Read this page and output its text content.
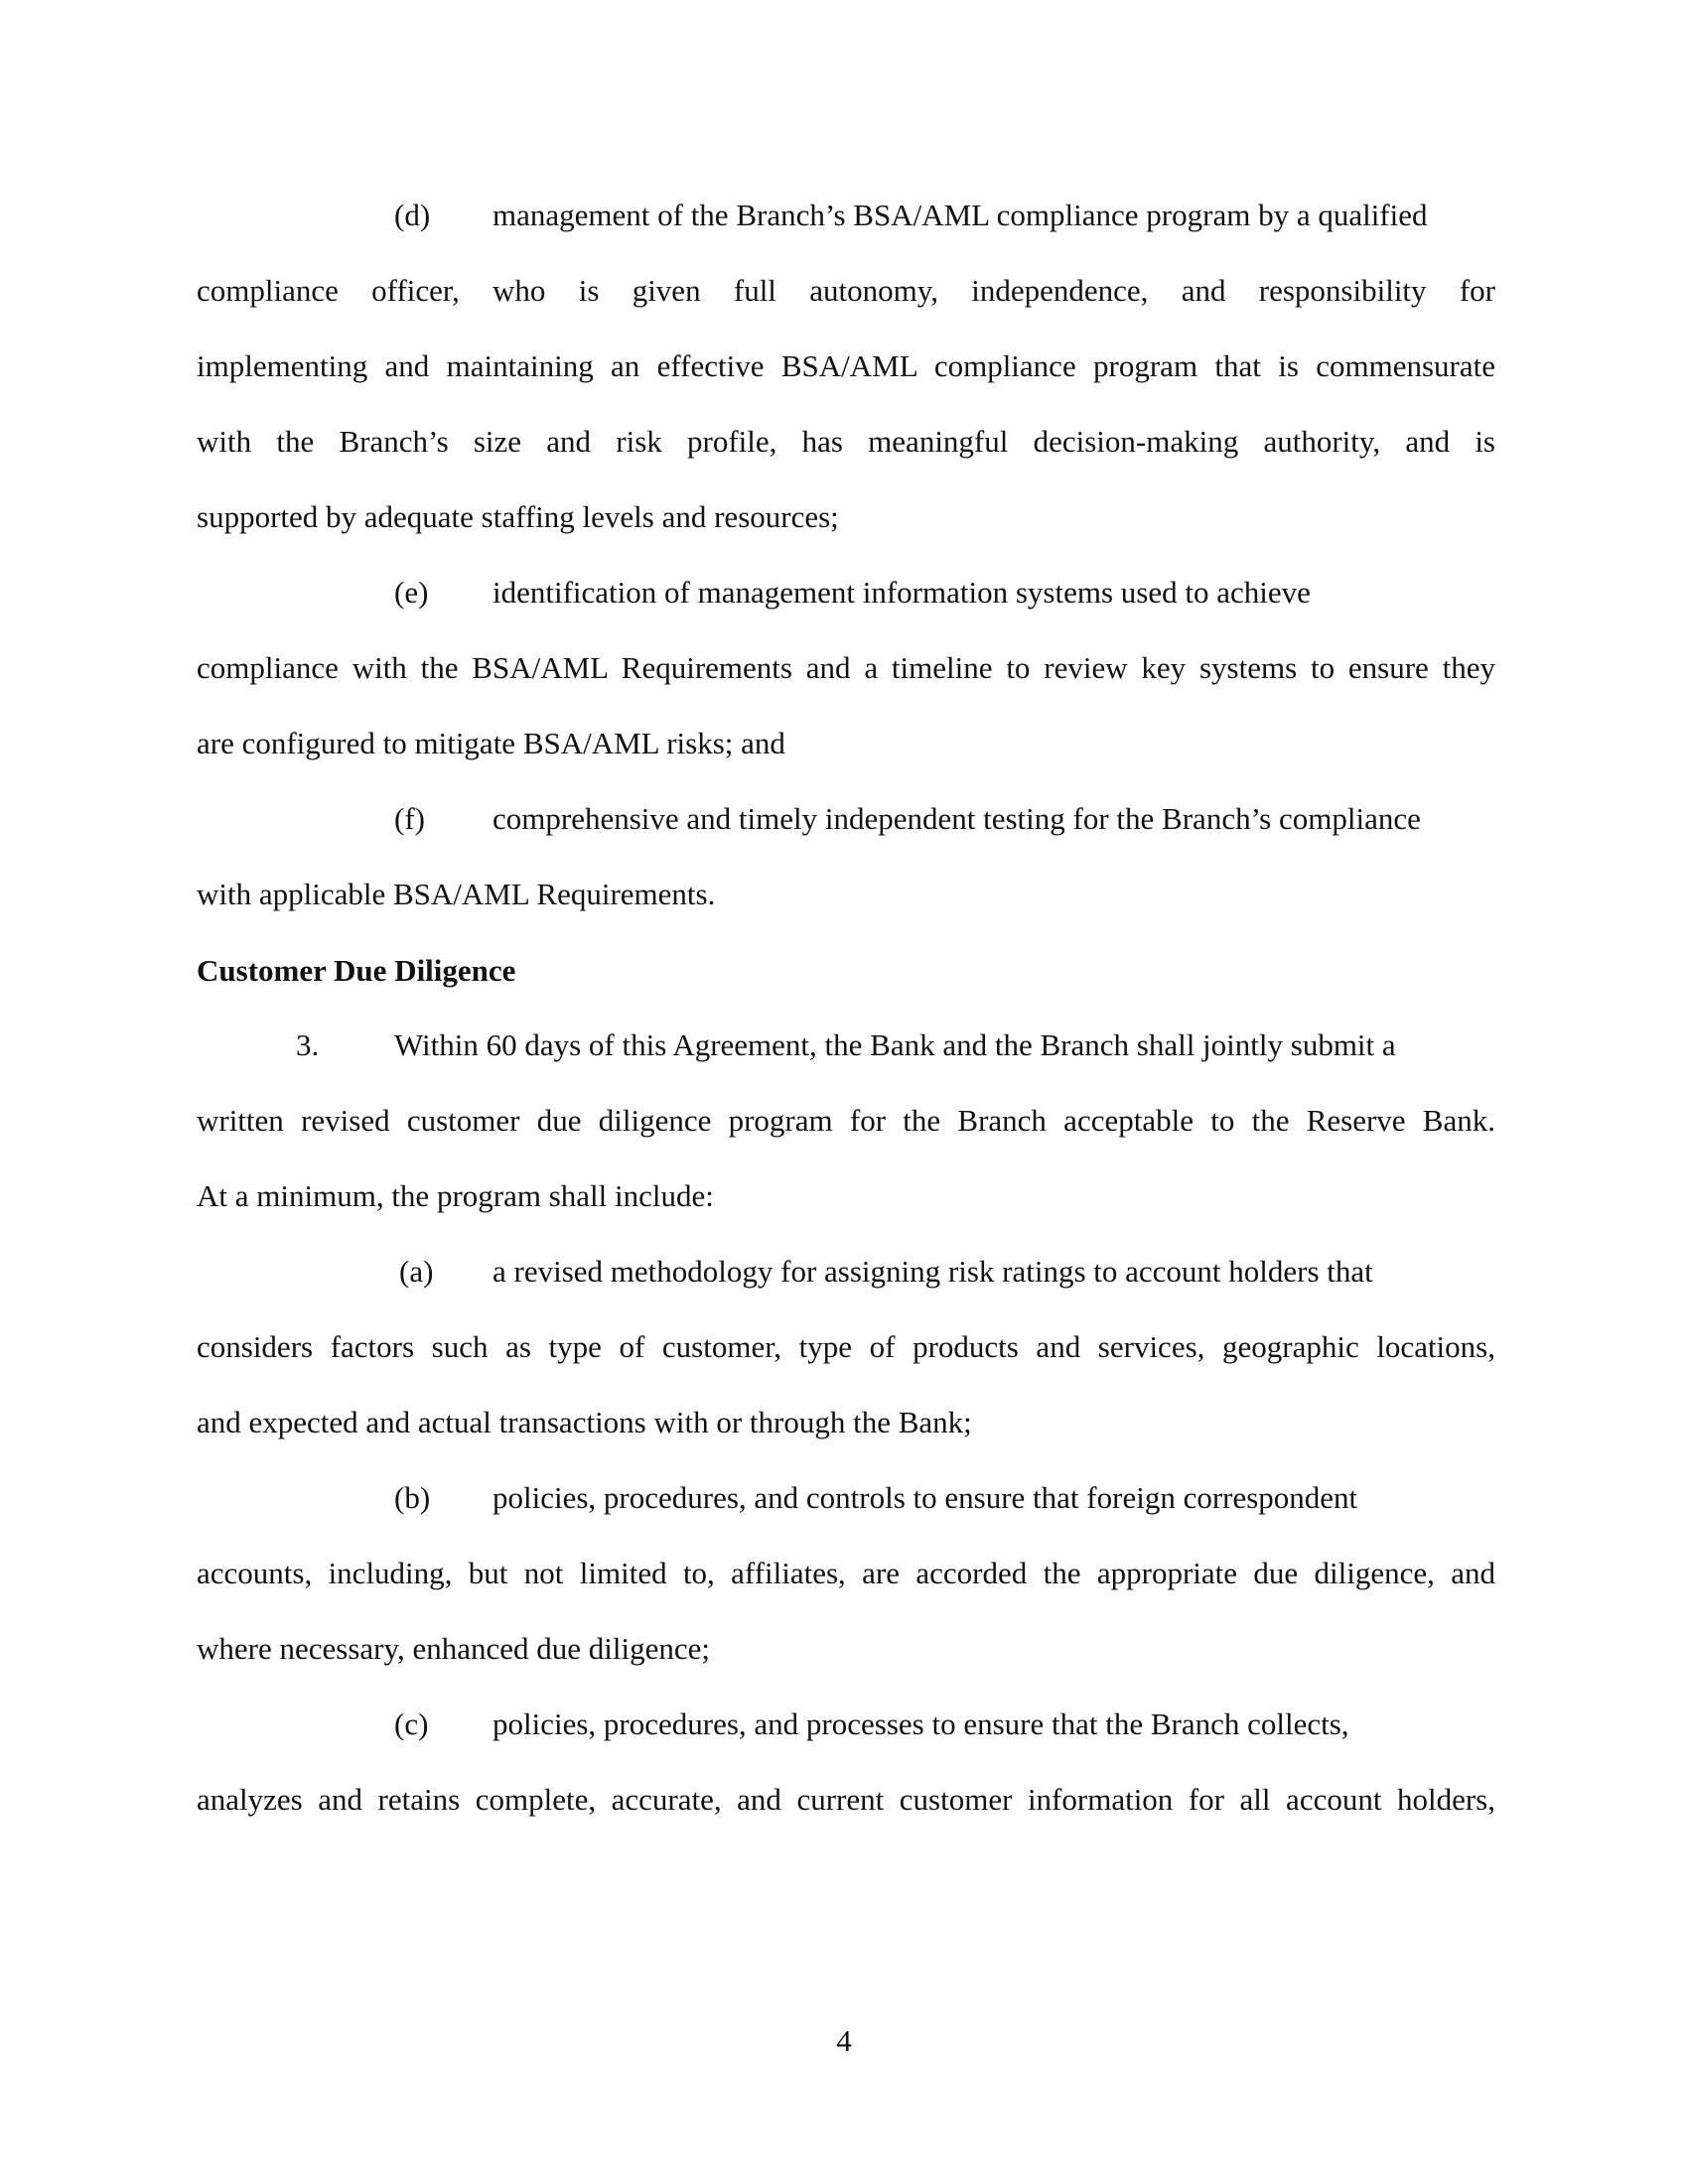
(d) management of the Branch’s BSA/AML compliance program by a qualified
compliance officer, who is given full autonomy, independence, and responsibility for
implementing and maintaining an effective BSA/AML compliance program that is commensurate
with the Branch’s size and risk profile, has meaningful decision-making authority, and is
supported by adequate staffing levels and resources;
(e) identification of management information systems used to achieve
compliance with the BSA/AML Requirements and a timeline to review key systems to ensure they
are configured to mitigate BSA/AML risks; and
(f) comprehensive and timely independent testing for the Branch’s compliance
with applicable BSA/AML Requirements.
Customer Due Diligence
3. Within 60 days of this Agreement, the Bank and the Branch shall jointly submit a
written revised customer due diligence program for the Branch acceptable to the Reserve Bank.
At a minimum, the program shall include:
(a) a revised methodology for assigning risk ratings to account holders that
considers factors such as type of customer, type of products and services, geographic locations,
and expected and actual transactions with or through the Bank;
(b) policies, procedures, and controls to ensure that foreign correspondent
accounts, including, but not limited to, affiliates, are accorded the appropriate due diligence, and
where necessary, enhanced due diligence;
(c) policies, procedures, and processes to ensure that the Branch collects,
analyzes and retains complete, accurate, and current customer information for all account holders,
4
